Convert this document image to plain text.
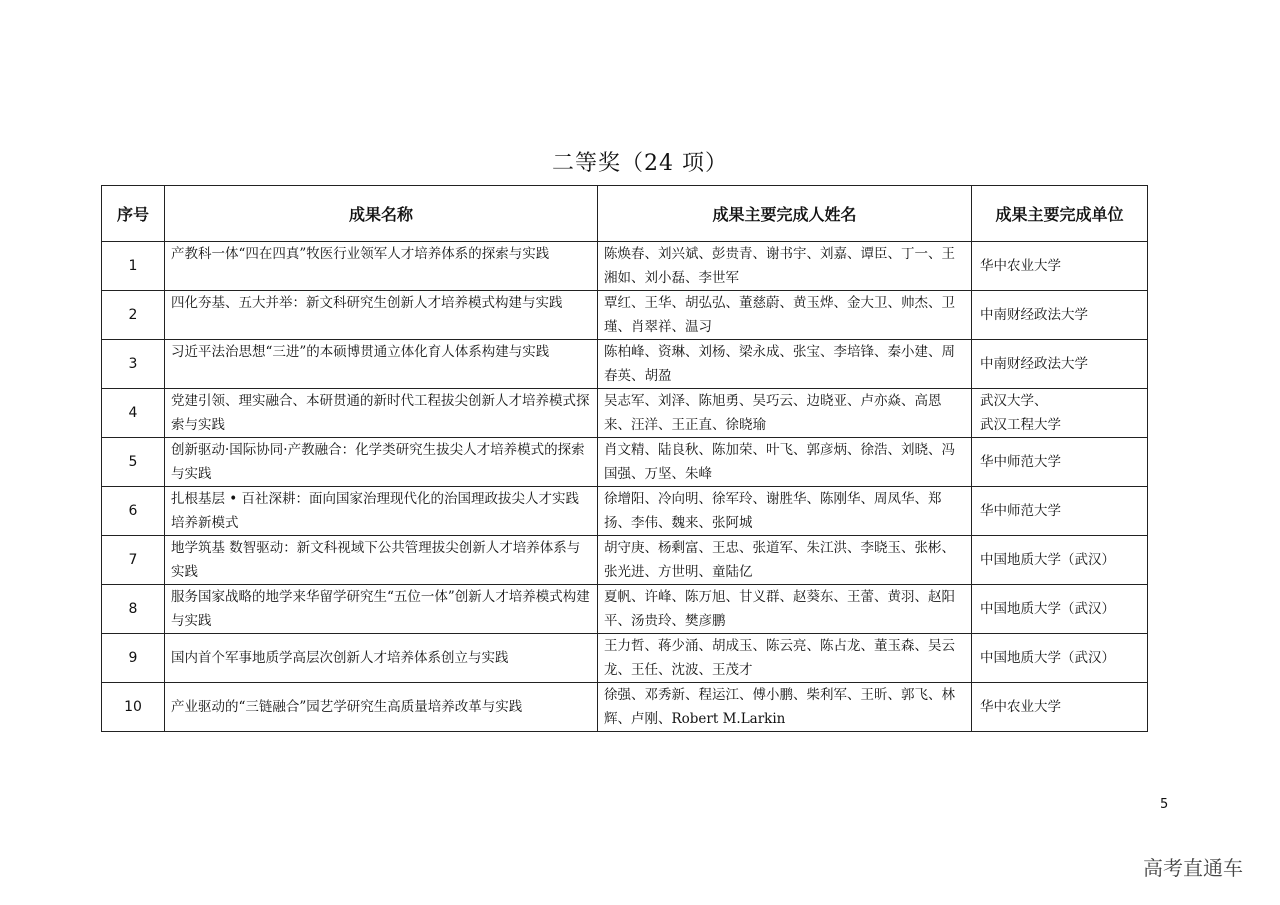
二等奖（24 项）
序号	成果名称	成果主要完成人姓名	成果主要完成单位
1	产教科一体“四在四真”牧医行业领军人才培养体系的探索与实践	陈焕春、刘兴斌、彭贵青、谢书宇、刘嘉、谭臣、丁一、王湘如、刘小磊、李世军	华中农业大学
2	四化夯基、五大并举：新文科研究生创新人才培养模式构建与实践	覃红、王华、胡弘弘、董慈蔚、黄玉烨、金大卫、帅杰、卫瑾、肖翠祥、温习	中南财经政法大学
3	习近平法治思想“三进”的本硕博贯通立体化育人体系构建与实践	陈柏峰、资琳、刘杨、梁永成、张宝、李培锋、秦小建、周春英、胡盈	中南财经政法大学
4	党建引领、理实融合、本研贯通的新时代工程拔尖创新人才培养模式探索与实践	吴志军、刘泽、陈旭勇、吴巧云、边晓亚、卢亦焱、高恩来、汪洋、王正直、徐晓瑜	武汉大学、
武汉工程大学
5	创新驱动·国际协同·产教融合：化学类研究生拔尖人才培养模式的探索与实践	肖文精、陆良秋、陈加荣、叶飞、郭彦炳、徐浩、刘晓、冯国强、万坚、朱峰	华中师范大学
6	扎根基层 • 百社深耕：面向国家治理现代化的治国理政拔尖人才实践培养新模式	徐增阳、冷向明、徐军玲、谢胜华、陈刚华、周凤华、郑扬、李伟、魏来、张阿城	华中师范大学
7	地学筑基 数智驱动：新文科视域下公共管理拔尖创新人才培养体系与实践	胡守庚、杨剩富、王忠、张道军、朱江洪、李晓玉、张彬、张光进、方世明、童陆亿	中国地质大学（武汉）
8	服务国家战略的地学来华留学研究生“五位一体”创新人才培养模式构建与实践	夏帆、许峰、陈万旭、甘义群、赵葵东、王蕾、黄羽、赵阳平、汤贵玲、樊彦鹏	中国地质大学（武汉）
9	国内首个军事地质学高层次创新人才培养体系创立与实践	王力哲、蒋少涌、胡成玉、陈云亮、陈占龙、董玉森、吴云龙、王任、沈波、王茂才	中国地质大学（武汉）
10	产业驱动的“三链融合”园艺学研究生高质量培养改革与实践	徐强、邓秀新、程运江、傅小鹏、柴利军、王昕、郭飞、林辉、卢刚、Robert M.Larkin	华中农业大学
5
高考直通车
